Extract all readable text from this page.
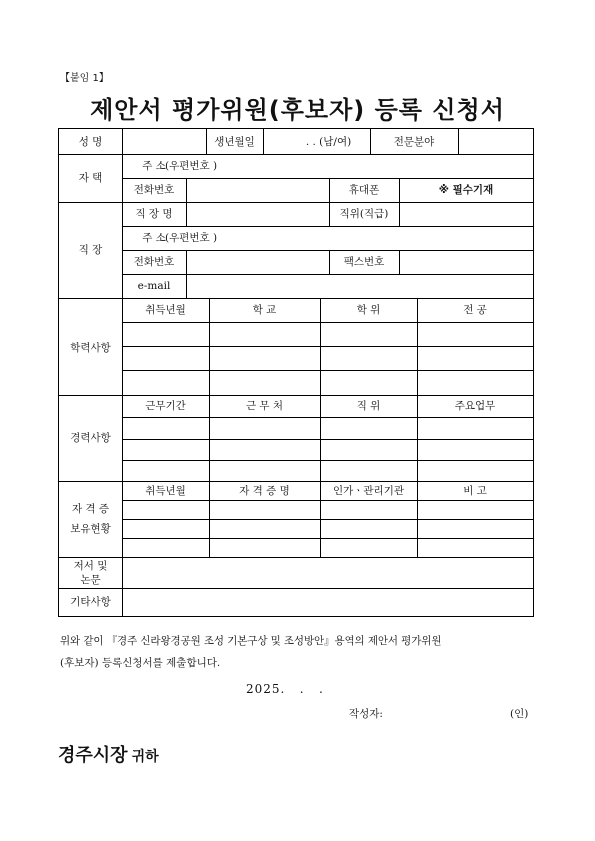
【붙임 1】
제안서 평가위원(후보자) 등록 신청서
성 명	생년월일	. . (남/여)	전문분야
자 택
주 소 (우편번호 )
전화번호	휴대폰	※ 필수기재
직 장
직 장 명	직위(직급)
주 소 (우편번호 )
전화번호	팩스번호
e-mail
학력사항
취득년월	학 교	학 위	전 공
경력사항
근무기간	근 무 처	직 위	주요업무
자 격 증
보유현황
취득년월	자 격 증 명	인가ㆍ관리기관	비 고
저서 및
논문
기타사항
위와 같이 『경주 신라왕경공원 조성 기본구상 및 조성방안』용역의 제안서 평가위원
(후보자) 등록신청서를 제출합니다.
2025.   .   .
작성자:	(인)
경주시장 귀하
